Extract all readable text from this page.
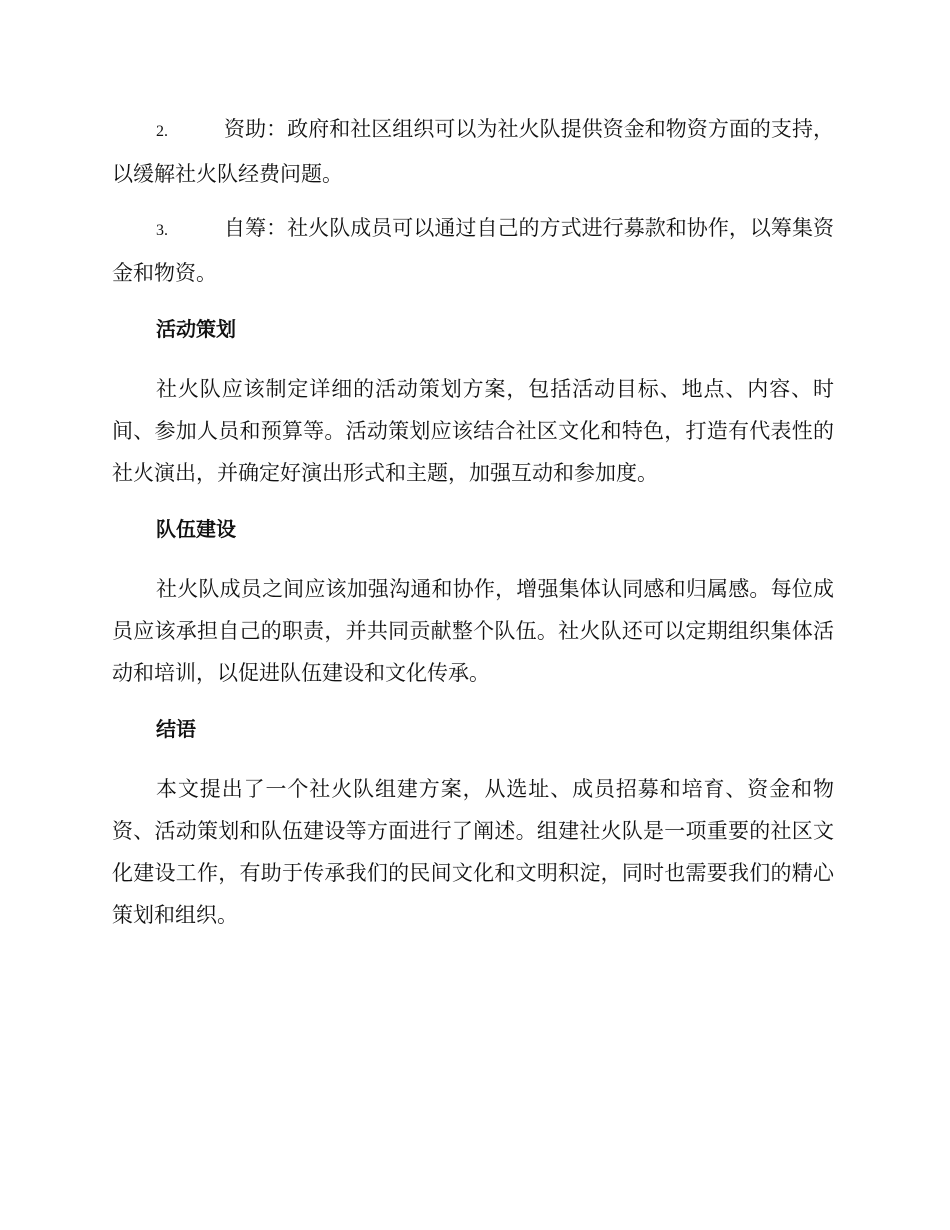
2.	资助：政府和社区组织可以为社火队提供资金和物资方面的支持，以缓解社火队经费问题。
3.	自筹：社火队成员可以通过自己的方式进行募款和协作，以筹集资金和物资。
活动策划

社火队应该制定详细的活动策划方案，包括活动目标、地点、内容、时间、参加人员和预算等。活动策划应该结合社区文化和特色，打造有代表性的社火演出，并确定好演出形式和主题，加强互动和参加度。

队伍建设

社火队成员之间应该加强沟通和协作，增强集体认同感和归属感。每位成员应该承担自己的职责，并共同贡献整个队伍。社火队还可以定期组织集体活动和培训，以促进队伍建设和文化传承。

结语

本文提出了一个社火队组建方案，从选址、成员招募和培育、资金和物资、活动策划和队伍建设等方面进行了阐述。组建社火队是一项重要的社区文化建设工作，有助于传承我们的民间文化和文明积淀，同时也需要我们的精心策划和组织。
